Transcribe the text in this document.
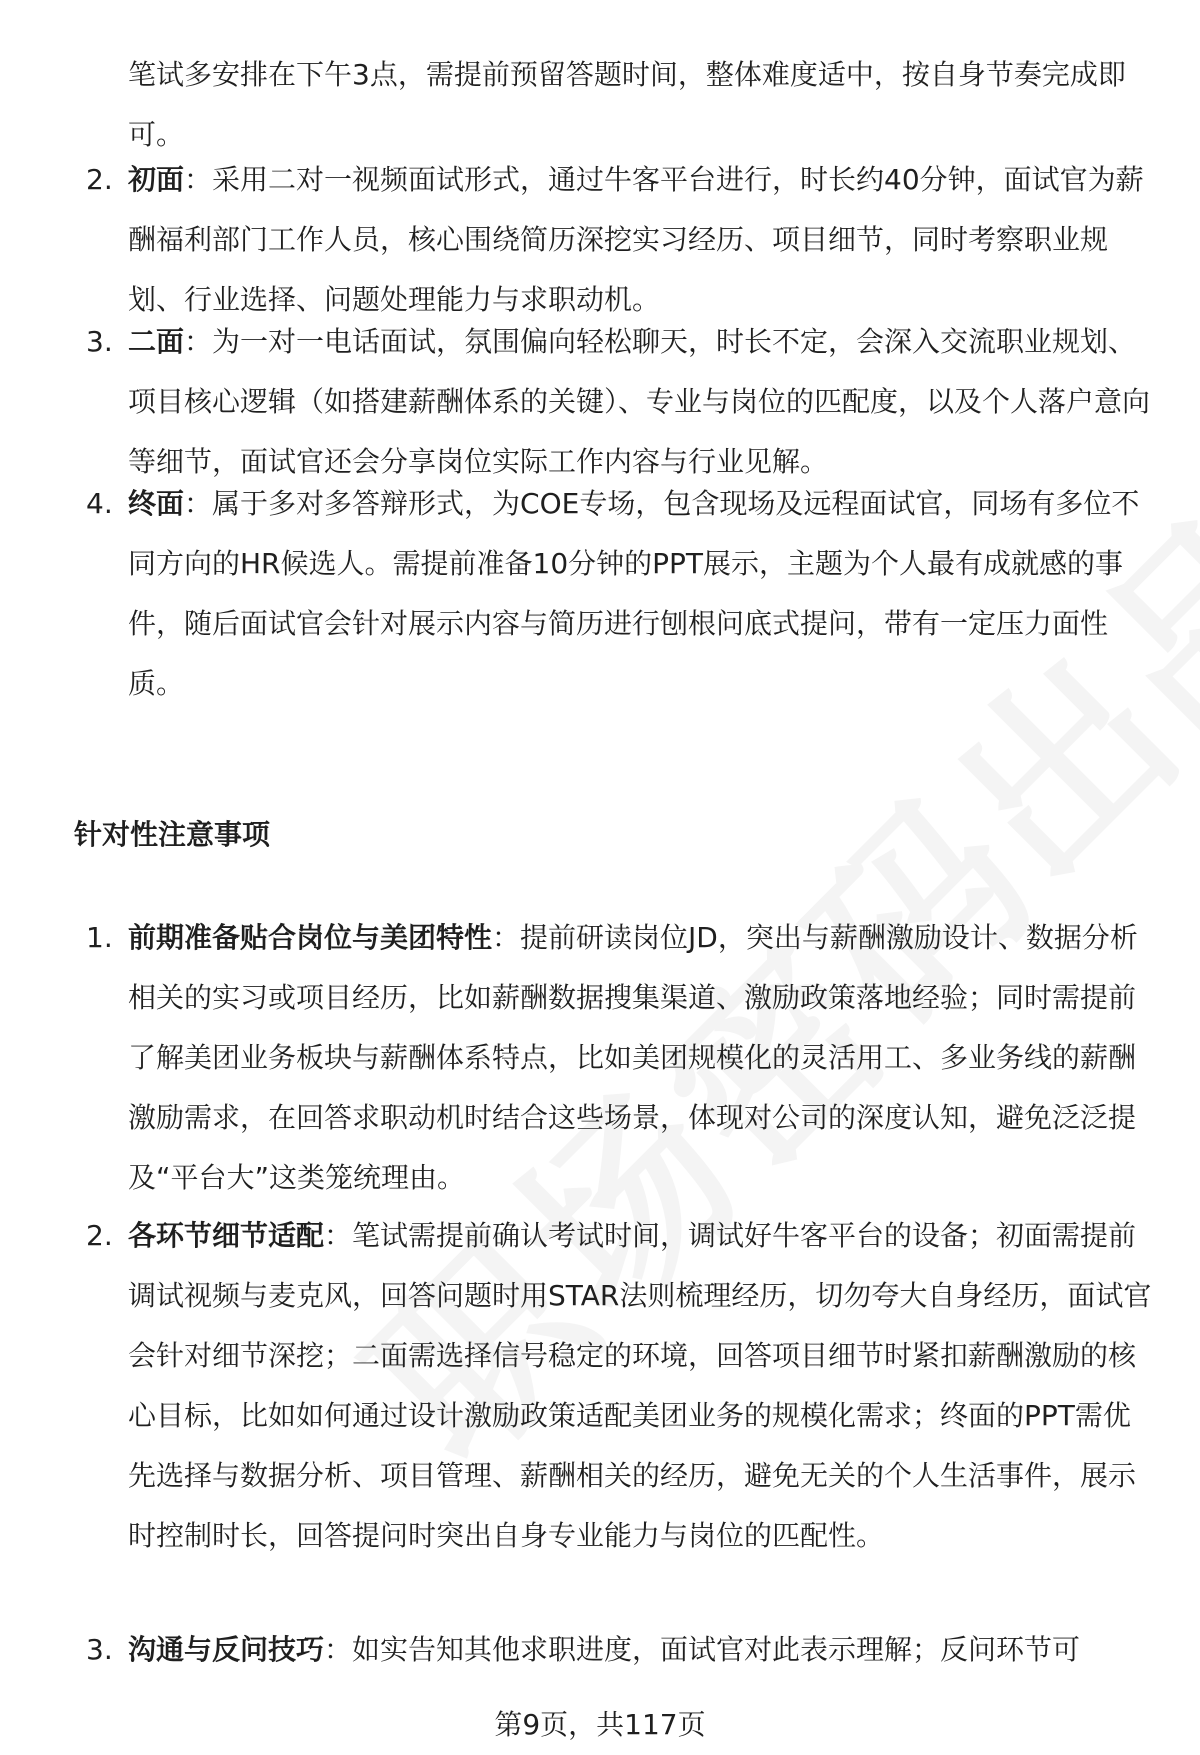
笔试多安排在下午3点，需提前预留答题时间，整体难度适中，按自身节奏完成即可。

2. 初面：采用二对一视频面试形式，通过牛客平台进行，时长约40分钟，面试官为薪酬福利部门工作人员，核心围绕简历深挖实习经历、项目细节，同时考察职业规划、行业选择、问题处理能力与求职动机。

3. 二面：为一对一电话面试，氛围偏向轻松聊天，时长不定，会深入交流职业规划、项目核心逻辑（如搭建薪酬体系的关键）、专业与岗位的匹配度，以及个人落户意向等细节，面试官还会分享岗位实际工作内容与行业见解。

4. 终面：属于多对多答辩形式，为COE专场，包含现场及远程面试官，同场有多位不同方向的HR候选人。需提前准备10分钟的PPT展示，主题为个人最有成就感的事件，随后面试官会针对展示内容与简历进行刨根问底式提问，带有一定压力面性质。

针对性注意事项
1. 前期准备贴合岗位与美团特性：提前研读岗位JD，突出与薪酬激励设计、数据分析相关的实习或项目经历，比如薪酬数据搜集渠道、激励政策落地经验；同时需提前了解美团业务板块与薪酬体系特点，比如美团规模化的灵活用工、多业务线的薪酬激励需求，在回答求职动机时结合这些场景，体现对公司的深度认知，避免泛泛提及“平台大”这类笼统理由。

2. 各环节细节适配：笔试需提前确认考试时间，调试好牛客平台的设备；初面需提前调试视频与麦克风，回答问题时用STAR法则梳理经历，切勿夸大自身经历，面试官会针对细节深挖；二面需选择信号稳定的环境，回答项目细节时紧扣薪酬激励的核心目标，比如如何通过设计激励政策适配美团业务的规模化需求；终面的PPT需优先选择与数据分析、项目管理、薪酬相关的经历，避免无关的个人生活事件，展示时控制时长，回答提问时突出自身专业能力与岗位的匹配性。

3. 沟通与反问技巧：如实告知其他求职进度，面试官对此表示理解；反问环节可

第9页，共117页
